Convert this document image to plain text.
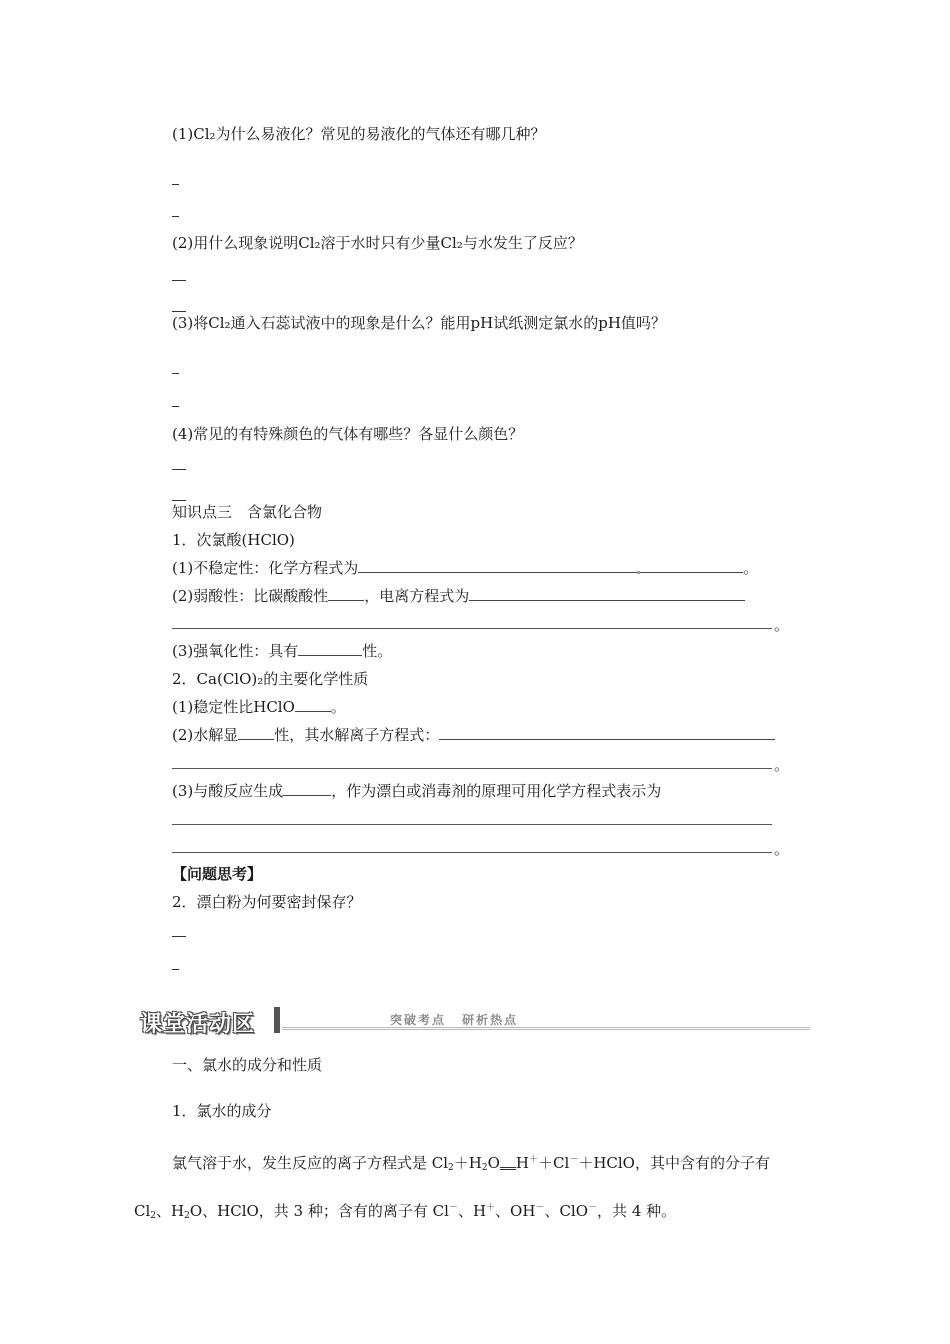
(1)Cl₂为什么易液化？常见的易液化的气体还有哪几种？
(2)用什么现象说明Cl₂溶于水时只有少量Cl₂与水发生了反应？
(3)将Cl₂通入石蕊试液中的现象是什么？能用pH试纸测定氯水的pH值吗？
(4)常见的有特殊颜色的气体有哪些？各显什么颜色？
知识点三　含氯化合物
1．次氯酸(HClO)
(1)不稳定性：化学方程式为	。
(2)弱酸性：比碳酸酸性 ，电离方程式为
。
(3)强氧化性：具有	性。
2．Ca(ClO)₂的主要化学性质
(1)稳定性比HClO 。
(2)水解显 性，其水解离子方程式：
。
(3)与酸反应生成	，作为漂白或消毒剂的原理可用化学方程式表示为
。
【问题思考】
2．漂白粉为何要密封保存？
课堂活动区	突破考点 研析热点
一、氯水的成分和性质
1．氯水的成分
氯气溶于水，发生反应的离子方程式是 $Cl_2+H_2O$ H＋＋Cl－＋HClO，其中含有的分子有
$Cl_2$、$H_2O$、HClO，共 3 种；含有的离子有 Cl－、H＋、OH－、ClO－，共 4 种。
